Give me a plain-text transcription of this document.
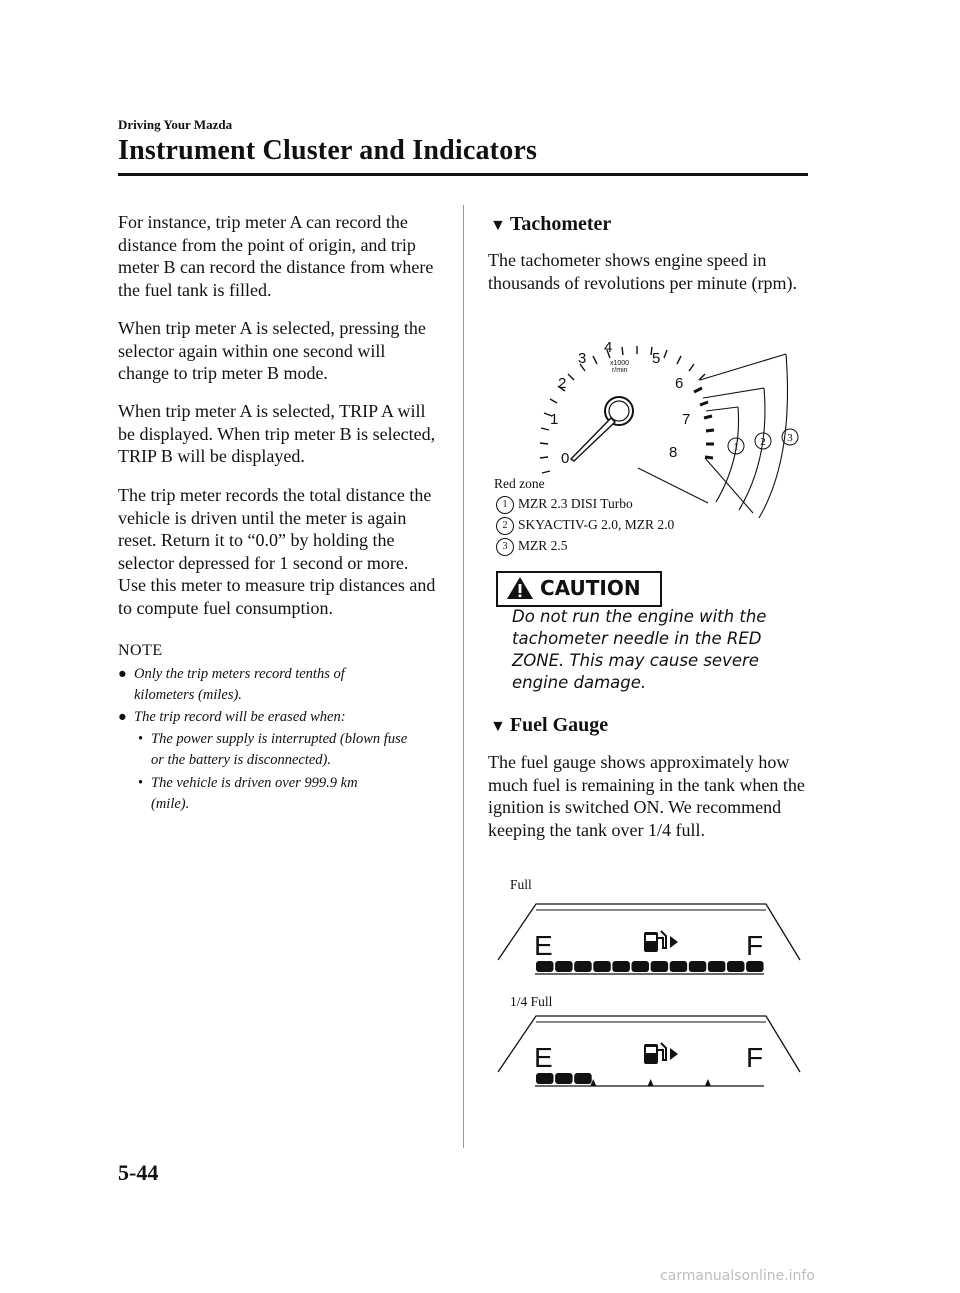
Driving Your Mazda
Instrument Cluster and Indicators
For instance, trip meter A can record the distance from the point of origin, and trip meter B can record the distance from where the fuel tank is filled.
When trip meter A is selected, pressing the selector again within one second will change to trip meter B mode.
When trip meter A is selected, TRIP A will be displayed. When trip meter B is selected, TRIP B will be displayed.
The trip meter records the total distance the vehicle is driven until the meter is again reset. Return it to “0.0” by holding the selector depressed for 1 second or more. Use this meter to measure trip distances and to compute fuel consumption.
NOTE
● Only the trip meters record tenths of kilometers (miles).
● The trip record will be erased when:
• The power supply is interrupted (blown fuse or the battery is disconnected).
• The vehicle is driven over 999.9 km (mile).
▼ Tachometer
The tachometer shows engine speed in thousands of revolutions per minute (rpm).
0
1
2
3
4
5
6
7
8
x1000
r/min
1 2 3
Red zone
1 MZR 2.3 DISI Turbo
2 SKYACTIV-G 2.0, MZR 2.0
3 MZR 2.5
CAUTION
Do not run the engine with the tachometer needle in the RED ZONE. This may cause severe engine damage.
▼ Fuel Gauge
The fuel gauge shows approximately how much fuel is remaining in the tank when the ignition is switched ON. We recommend keeping the tank over 1/4 full.
Full
E	F
1/4 Full
E	F
5-44
carmanualsonline.info
